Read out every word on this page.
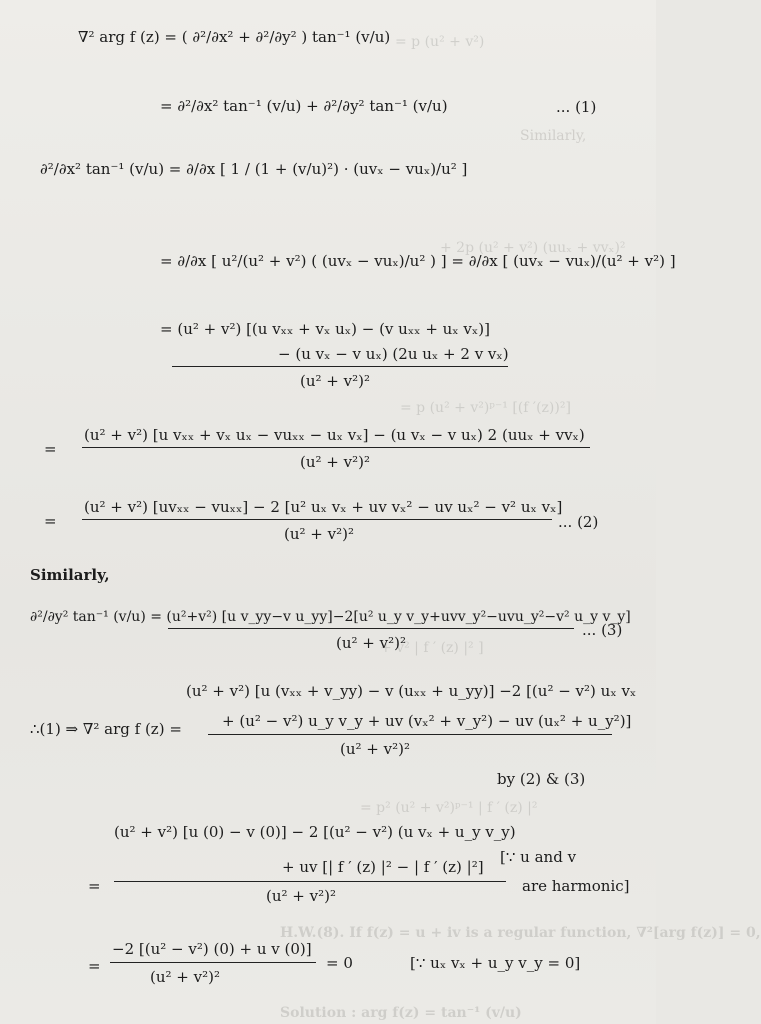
= p (u² + v²)
Similarly,
+ 2p (u² + v²) (uuₓ + vvₓ)²
= p (u² + v²)ᵖ⁻¹ [(f ′(z))²]
+ v² | f ′ (z) |² ]
= p² (u² + v²)ᵖ⁻¹ | f ′ (z) |²
H.W.(8). If f(z) = u + iv is a regular function, ∇²[arg f(z)] = 0,
Solution : arg f(z) = tan⁻¹ (v/u)
∇² arg f (z) = ( ∂²/∂x² + ∂²/∂y² ) tan⁻¹ (v/u)
= ∂²/∂x² tan⁻¹ (v/u) + ∂²/∂y² tan⁻¹ (v/u)	... (1)
∂²/∂x² tan⁻¹ (v/u) = ∂/∂x [ 1 / (1 + (v/u)²) · (uvₓ − vuₓ)/u² ]
= ∂/∂x [ u²/(u² + v²) ( (uvₓ − vuₓ)/u² ) ] = ∂/∂x [ (uvₓ − vuₓ)/(u² + v²) ]
= (u² + v²) [(u vₓₓ + vₓ uₓ) − (v uₓₓ + uₓ vₓ)]
− (u vₓ − v uₓ) (2u uₓ + 2 v vₓ)
(u² + v²)²
=
(u² + v²) [u vₓₓ + vₓ uₓ − vuₓₓ − uₓ vₓ] − (u vₓ − v uₓ) 2 (uuₓ + vvₓ)
(u² + v²)²
=
(u² + v²) [uvₓₓ − vuₓₓ] − 2 [u² uₓ vₓ + uv vₓ² − uv uₓ² − v² uₓ vₓ]
(u² + v²)²
... (2)
Similarly,
∂²/∂y² tan⁻¹ (v/u) = (u²+v²) [u v_yy−v u_yy]−2[u² u_y v_y+uvv_y²−uvu_y²−v² u_y v_y]
(u² + v²)²
... (3)
(u² + v²) [u (vₓₓ + v_yy) − v (uₓₓ + u_yy)] −2 [(u² − v²) uₓ vₓ
∴(1) ⇒ ∇² arg f (z) =	+ (u² − v²) u_y v_y + uv (vₓ² + v_y²) − uv (uₓ² + u_y²)]
(u² + v²)²
by (2) & (3)
(u² + v²) [u (0) − v (0)] − 2 [(u² − v²) (u vₓ + u_y v_y)
[∵ u and v
=
+ uv [| f ′ (z) |² − | f ′ (z) |²]
are harmonic]
(u² + v²)²
=
−2 [(u² − v²) (0) + u v (0)]
(u² + v²)²
= 0	[∵ uₓ vₓ + u_y v_y = 0]
